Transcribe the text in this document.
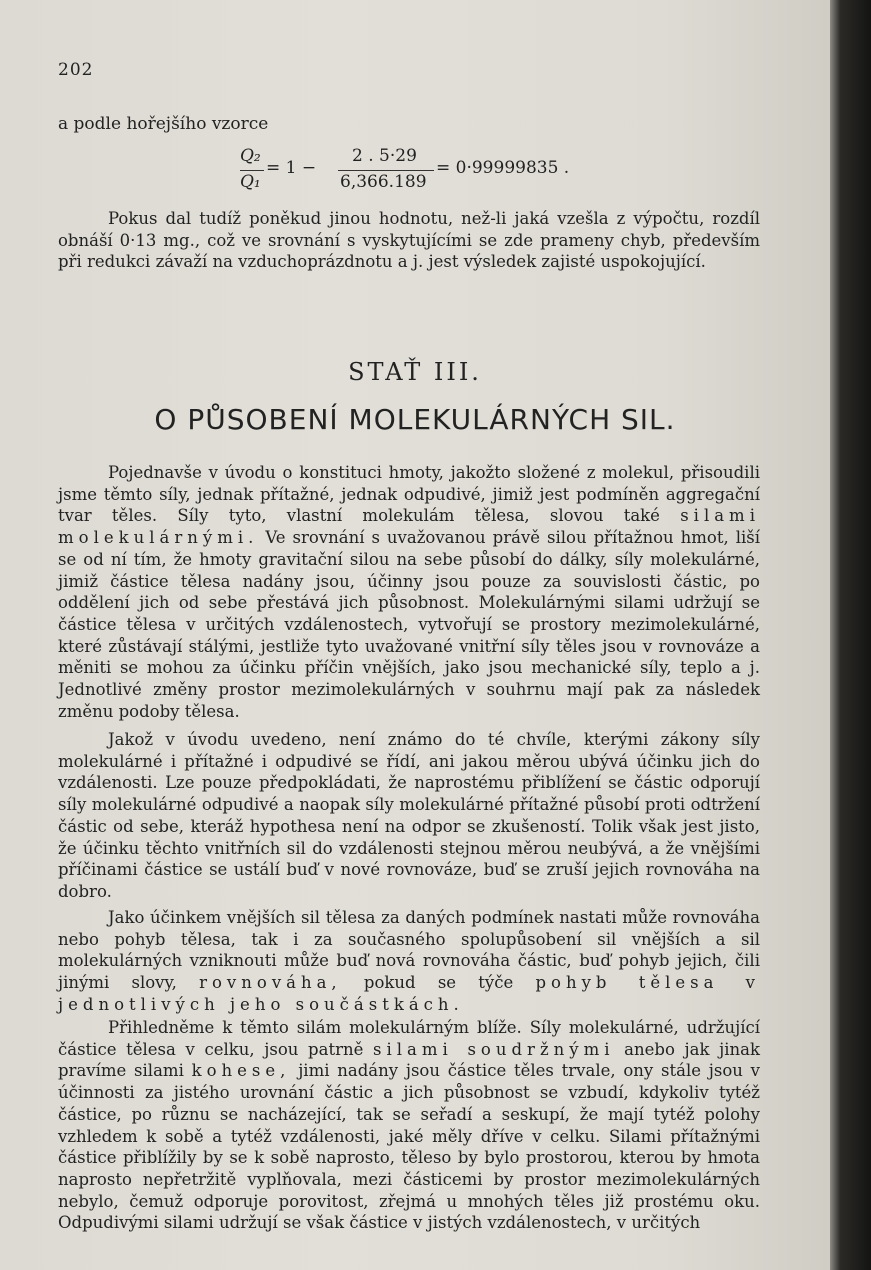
202
a podle hořejšího vzorce
Q₂
Q₁
= 1 −
2 . 5·29
6,366.189
= 0·99999835 .

Pokus dal tudíž poněkud jinou hodnotu, než-li jaká vzešla z výpočtu, rozdíl obnáší 0·13 mg., což ve srovnání s vyskytujícími se zde prameny chyb, především při redukci závaží na vzduchoprázdnotu a j. jest výsledek zajisté uspokojující.

STAŤ III.
O PŮSOBENÍ MOLEKULÁRNÝCH SIL.

Pojednavše v úvodu o konstituci hmoty, jakožto složené z molekul, přisoudili jsme těmto síly, jednak přítažné, jednak odpudivé, jimiž jest podmíněn aggregační tvar těles. Síly tyto, vlastní molekulám tělesa, slovou také silami molekulárnými. Ve srovnání s uvažovanou právě silou přítažnou hmot, liší se od ní tím, že hmoty gravitační silou na sebe působí do dálky, síly molekulárné, jimiž částice tělesa nadány jsou, účinny jsou pouze za souvislosti částic, po oddělení jich od sebe přestává jich působnost. Molekulárnými silami udržují se částice tělesa v určitých vzdálenostech, vytvořují se prostory mezimolekulárné, které zůstávají stálými, jestliže tyto uvažované vnitřní síly těles jsou v rovnováze a měniti se mohou za účinku příčin vnějších, jako jsou mechanické síly, teplo a j. Jednotlivé změny prostor mezimolekulárných v souhrnu mají pak za následek změnu podoby tělesa.

Jakož v úvodu uvedeno, není známo do té chvíle, kterými zákony síly molekulárné i přítažné i odpudivé se řídí, ani jakou měrou ubývá účinku jich do vzdálenosti. Lze pouze předpokládati, že naprostému přiblížení se částic odporují síly molekulárné odpudivé a naopak síly molekulárné přítažné působí proti odtržení částic od sebe, kteráž hypothesa není na odpor se zkušeností. Tolik však jest jisto, že účinku těchto vnitřních sil do vzdálenosti stejnou měrou neubývá, a že vnějšími příčinami částice se ustálí buď v nové rovnováze, buď se zruší jejich rovnováha na dobro.

Jako účinkem vnějších sil tělesa za daných podmínek nastati může rovnováha nebo pohyb tělesa, tak i za současného spolupůsobení sil vnějších a sil molekulárných vzniknouti může buď nová rovnováha částic, buď pohyb jejich, čili jinými slovy, rovnováha, pokud se týče pohyb tělesa v jednotlivých jeho součástkách.

Přihledněme k těmto silám molekulárným blíže. Síly molekulárné, udržující částice tělesa v celku, jsou patrně silami soudržnými anebo jak jinak pravíme silami kohese, jimi nadány jsou částice těles trvale, ony stále jsou v účinnosti za jistého urovnání částic a jich působnost se vzbudí, kdykoliv tytéž částice, po různu se nacházející, tak se seřadí a seskupí, že mají tytéž polohy vzhledem k sobě a tytéž vzdálenosti, jaké měly dříve v celku. Silami přítažnými částice přiblížily by se k sobě naprosto, těleso by bylo prostorou, kterou by hmota naprosto nepřetržitě vyplňovala, mezi částicemi by prostor mezimolekulárných nebylo, čemuž odporuje porovitost, zřejmá u mnohých těles již prostému oku. Odpudivými silami udržují se však částice v jistých vzdálenostech, v určitých
